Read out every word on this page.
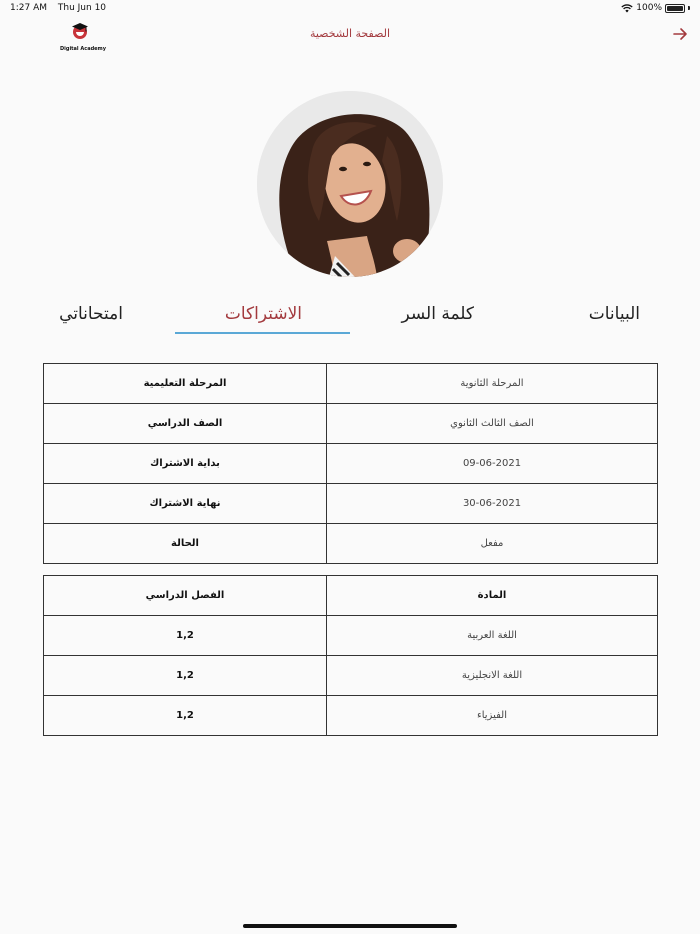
1:27 AM Thu Jun 10	100%
Digital Academy
الصفحة الشخصية
البيانات
كلمة السر
الاشتراكات
امتحاناتي
المرحلة الثانوية	المرحلة التعليمية
الصف الثالث الثانوي	الصف الدراسي
09-06-2021	بداية الاشتراك
30-06-2021	نهاية الاشتراك
مفعل	الحالة
المادة	الفصل الدراسي
اللغة العربية	1,2
اللغة الانجليزية	1,2
الفيزياء	1,2
